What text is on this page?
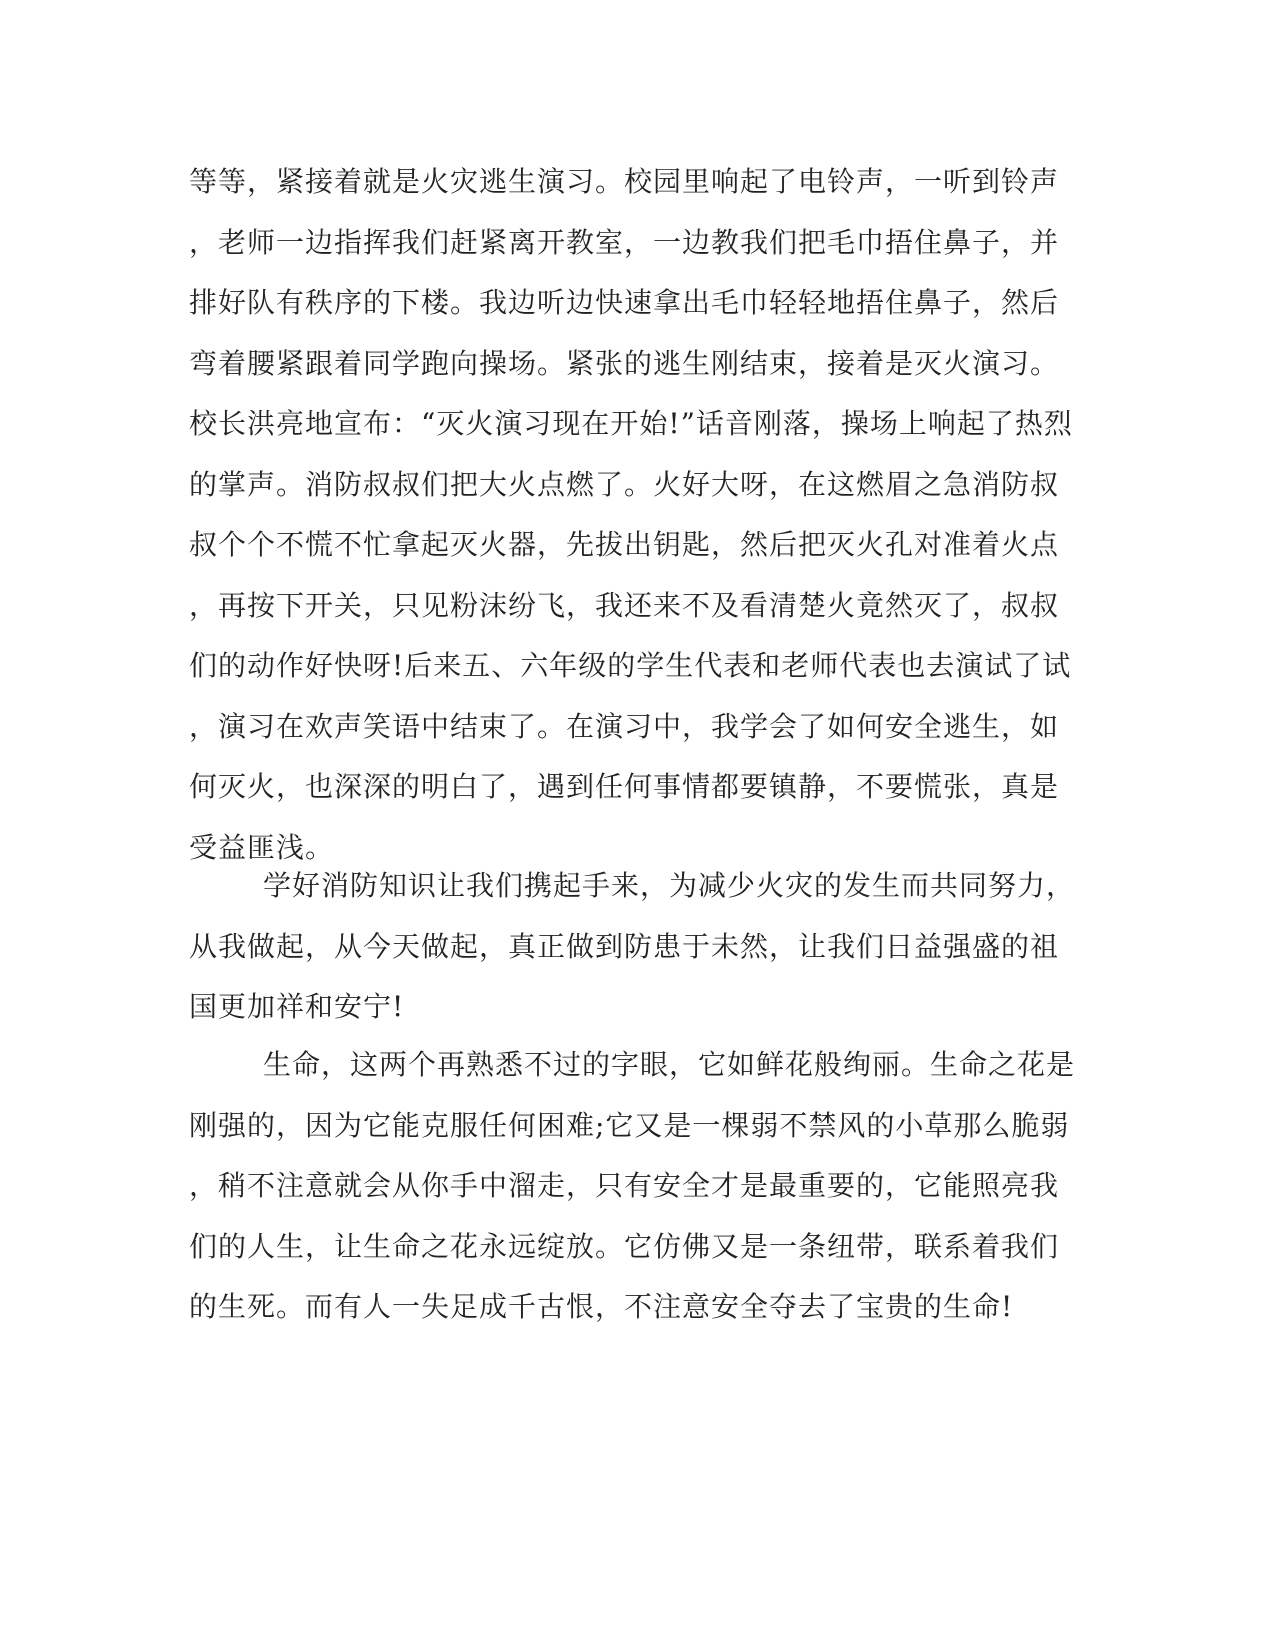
等等，紧接着就是火灾逃生演习。校园里响起了电铃声，一听到铃声
，老师一边指挥我们赶紧离开教室，一边教我们把毛巾捂住鼻子，并
排好队有秩序的下楼。我边听边快速拿出毛巾轻轻地捂住鼻子，然后
弯着腰紧跟着同学跑向操场。紧张的逃生刚结束，接着是灭火演习。
校长洪亮地宣布：“灭火演习现在开始!”话音刚落，操场上响起了热烈
的掌声。消防叔叔们把大火点燃了。火好大呀，在这燃眉之急消防叔
叔个个不慌不忙拿起灭火器，先拔出钥匙，然后把灭火孔对准着火点
，再按下开关，只见粉沫纷飞，我还来不及看清楚火竟然灭了，叔叔
们的动作好快呀!后来五、六年级的学生代表和老师代表也去演试了试
，演习在欢声笑语中结束了。在演习中，我学会了如何安全逃生，如
何灭火，也深深的明白了，遇到任何事情都要镇静，不要慌张，真是
受益匪浅。
学好消防知识让我们携起手来，为减少火灾的发生而共同努力，
从我做起，从今天做起，真正做到防患于未然，让我们日益强盛的祖
国更加祥和安宁!
生命，这两个再熟悉不过的字眼，它如鲜花般绚丽。生命之花是
刚强的，因为它能克服任何困难;它又是一棵弱不禁风的小草那么脆弱
，稍不注意就会从你手中溜走，只有安全才是最重要的，它能照亮我
们的人生，让生命之花永远绽放。它仿佛又是一条纽带，联系着我们
的生死。而有人一失足成千古恨，不注意安全夺去了宝贵的生命!
